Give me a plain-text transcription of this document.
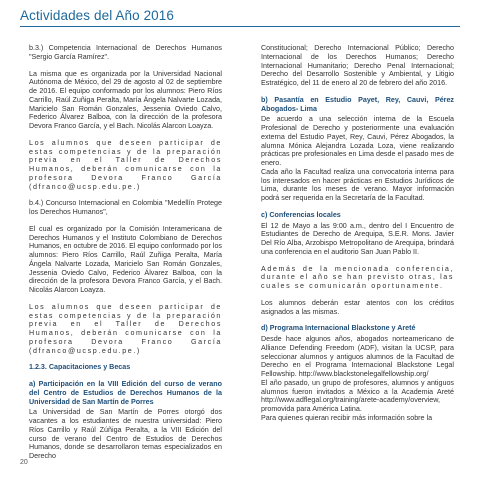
Actividades del Año 2016

b.3.) Competencia Internacional de Derechos Humanos "Sergio García Ramírez".

La misma que es organizada por la Universidad Nacional Autónoma de México, del 29 de agosto al 02 de septiembre de 2016. El equipo conformado por los alumnos: Piero Ríos Carrillo, Raúl Zuñiga Peralta, María Ángela Nalvarte Lozada, Maricielo San Román Gonzales, Jessenia Oviedo Calvo, Federico Álvarez Balboa, con la dirección de la profesora Devora Franco García, y el Bach. Nicolás Alarcon Loayza.

Los alumnos que deseen participar de estas competencias y de la preparación previa en el Taller de Derechos Humanos, deberán comunicarse con la profesora Devora Franco García (dfranco@ucsp.edu.pe.)

b.4.) Concurso Internacional en Colombia "Medellín Protege los Derechos Humanos",

El cual es organizado por la Comisión Interamericana de Derechos Humanos y el Instituto Colombiano de Derechos Humanos, en octubre de 2016. El equipo conformado por los alumnos: Piero Ríos Carrillo, Raúl Zuñiga Peralta, María Ángela Nalvarte Lozada, Maricielo San Román Gonzales, Jessenia Oviedo Calvo, Federico Álvarez Balboa, con la dirección de la profesora Devora Franco García, y el Bach. Nicolás Alarcon Loayza.

Los alumnos que deseen participar de estas competencias y de la preparación previa en el Taller de Derechos Humanos, deberán comunicarse con la profesora Devora Franco García (dfranco@ucsp.edu.pe.)

1.2.3. Capacitaciones y Becas

a) Participación en la VIII Edición del curso de verano del Centro de Estudios de Derechos Humanos de la Universidad de San Martín de Porres

La Universidad de San Martín de Porres otorgó dos vacantes a los estudiantes de nuestra universidad: Piero Ríos Carrillo y Raúl Zúñiga Peralta, a la VIII Edición del curso de verano del Centro de Estudios de Derechos Humanos, donde se desarrollaron temas especializados en Derecho

Constitucional; Derecho Internacional Público; Derecho Internacional de los Derechos Humanos; Derecho Internacional Humanitario; Derecho Penal Internacional; Derecho del Desarrollo Sostenible y Ambiental, y Litigio Estratégico, del 11 de enero al 20 de febrero del año 2016.

b) Pasantía en Estudio Payet, Rey, Cauvi, Pérez Abogados- Lima

De acuerdo a una selección interna de la Escuela Profesional de Derecho y posteriormente una evaluación externa del Estudio Payet, Rey, Cauvi, Pérez Abogados, la alumna Mónica Alejandra Lozada Loza, viene realizando prácticas pre profesionales en Lima desde el pasado mes de enero.

Cada año la Facultad realiza una convocatoria interna para los interesados en hacer prácticas en Estudios Jurídicos de Lima, durante los meses de verano. Mayor información podrá ser requerida en la Secretaría de la Facultad.

c) Conferencias locales

El 12 de Mayo a las 9:00 a.m., dentro del I Encuentro de Estudiantes de Derecho de Arequipa, S.E.R. Mons. Javier Del Río Alba, Arzobispo Metropolitano de Arequipa, brindará una conferencia en el auditorio San Juan Pablo II.

Además de la mencionada conferencia, durante el año se han previsto otras, las cuales se comunicarán oportunamente.

Los alumnos deberán estar atentos con los créditos asignados a las mismas.

d) Programa Internacional Blackstone y Areté

Desde hace algunos años, abogados norteamericano de Alliance Defending Freedom (ADF), visitan la UCSP, para seleccionar alumnos y antiguos alumnos de la Facultad de Derecho en el Programa Internacional Blackstone Legal Fellowship. http://www.blackstonelegalfellowship.org/

El año pasado, un grupo de profesores, alumnos y antiguos alumnos fueron invitados a México a la Academia Areté http://www.adflegal.org/training/arete-academy/overview, promovida para América Latina.

Para quienes quieran recibir más información sobre la

20
